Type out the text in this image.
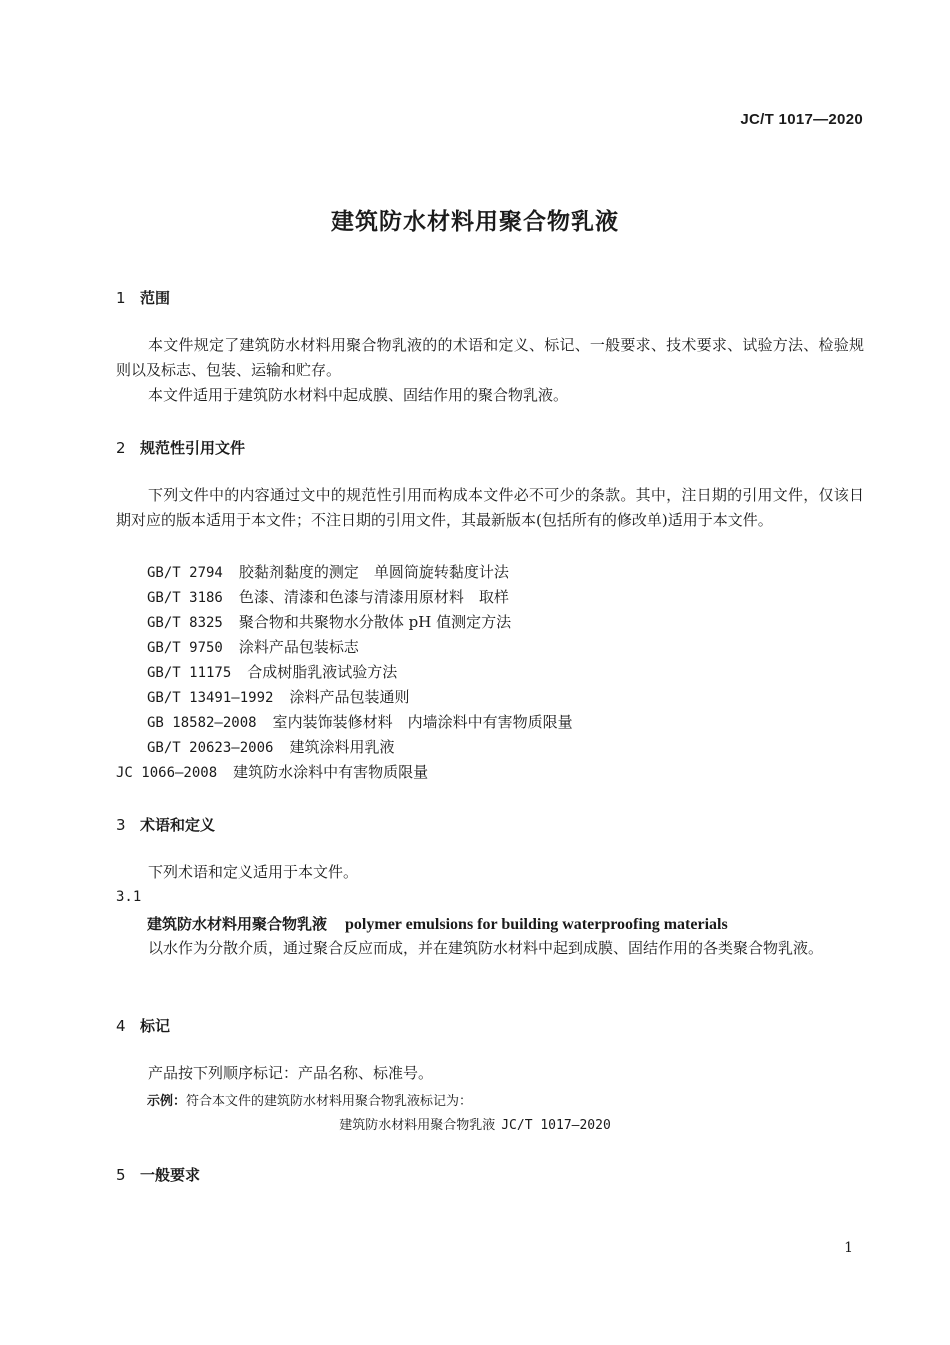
JC/T 1017—2020
建筑防水材料用聚合物乳液
1 范围
本文件规定了建筑防水材料用聚合物乳液的的术语和定义、标记、一般要求、技术要求、试验方法、检验规则以及标志、包装、运输和贮存。
本文件适用于建筑防水材料中起成膜、固结作用的聚合物乳液。
2 规范性引用文件
下列文件中的内容通过文中的规范性引用而构成本文件必不可少的条款。其中，注日期的引用文件，仅该日期对应的版本适用于本文件；不注日期的引用文件，其最新版本(包括所有的修改单)适用于本文件。
GB/T 2794 胶黏剂黏度的测定　单圆筒旋转黏度计法
GB/T 3186 色漆、清漆和色漆与清漆用原材料　取样
GB/T 8325 聚合物和共聚物水分散体 pH 值测定方法
GB/T 9750 涂料产品包装标志
GB/T 11175 合成树脂乳液试验方法
GB/T 13491—1992 涂料产品包装通则
GB 18582—2008 室内装饰装修材料　内墙涂料中有害物质限量
GB/T 20623—2006 建筑涂料用乳液
JC 1066—2008 建筑防水涂料中有害物质限量
3 术语和定义
下列术语和定义适用于本文件。
3.1
建筑防水材料用聚合物乳液 polymer emulsions for building waterproofing materials
以水作为分散介质，通过聚合反应而成，并在建筑防水材料中起到成膜、固结作用的各类聚合物乳液。
4 标记
产品按下列顺序标记：产品名称、标准号。
示例：符合本文件的建筑防水材料用聚合物乳液标记为：
建筑防水材料用聚合物乳液 JC/T 1017—2020
5 一般要求
1
